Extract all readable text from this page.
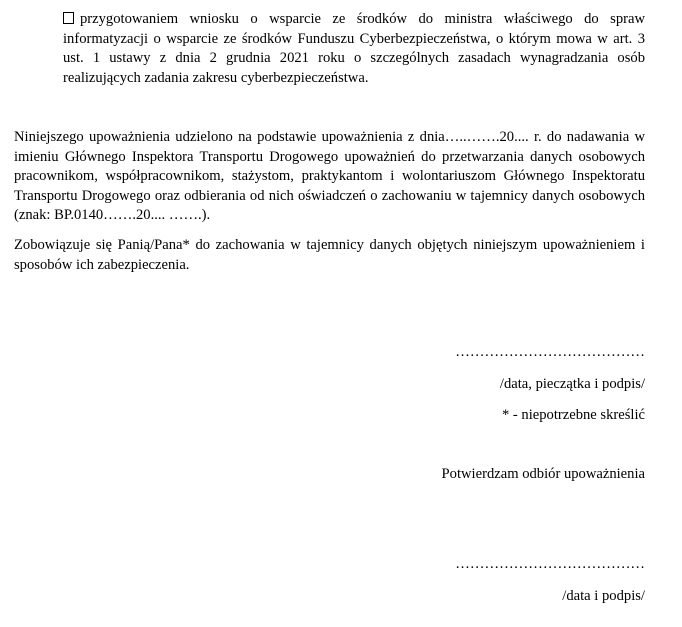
przygotowaniem wniosku o wsparcie ze środków do ministra właściwego do spraw informatyzacji o wsparcie ze środków Funduszu Cyberbezpieczeństwa, o którym mowa w art. 3 ust. 1 ustawy z dnia 2 grudnia 2021 roku o szczególnych zasadach wynagradzania osób realizujących zadania zakresu cyberbezpieczeństwa.

Niniejszego upoważnienia udzielono na podstawie upoważnienia z dnia…..…….20.... r. do nadawania w imieniu Głównego Inspektora Transportu Drogowego upoważnień do przetwarzania danych osobowych pracownikom, współpracownikom, stażystom, praktykantom i wolontariuszom Głównego Inspektoratu Transportu Drogowego oraz odbierania od nich oświadczeń o zachowaniu w tajemnicy danych osobowych (znak: BP.0140…….20.... …….).

Zobowiązuje się Panią/Pana* do zachowania w tajemnicy danych objętych niniejszym upoważnieniem i sposobów ich zabezpieczenia.

…………………………………
/data, pieczątka i podpis/
* - niepotrzebne skreślić
Potwierdzam odbiór upoważnienia
…………………………………
/data i podpis/
